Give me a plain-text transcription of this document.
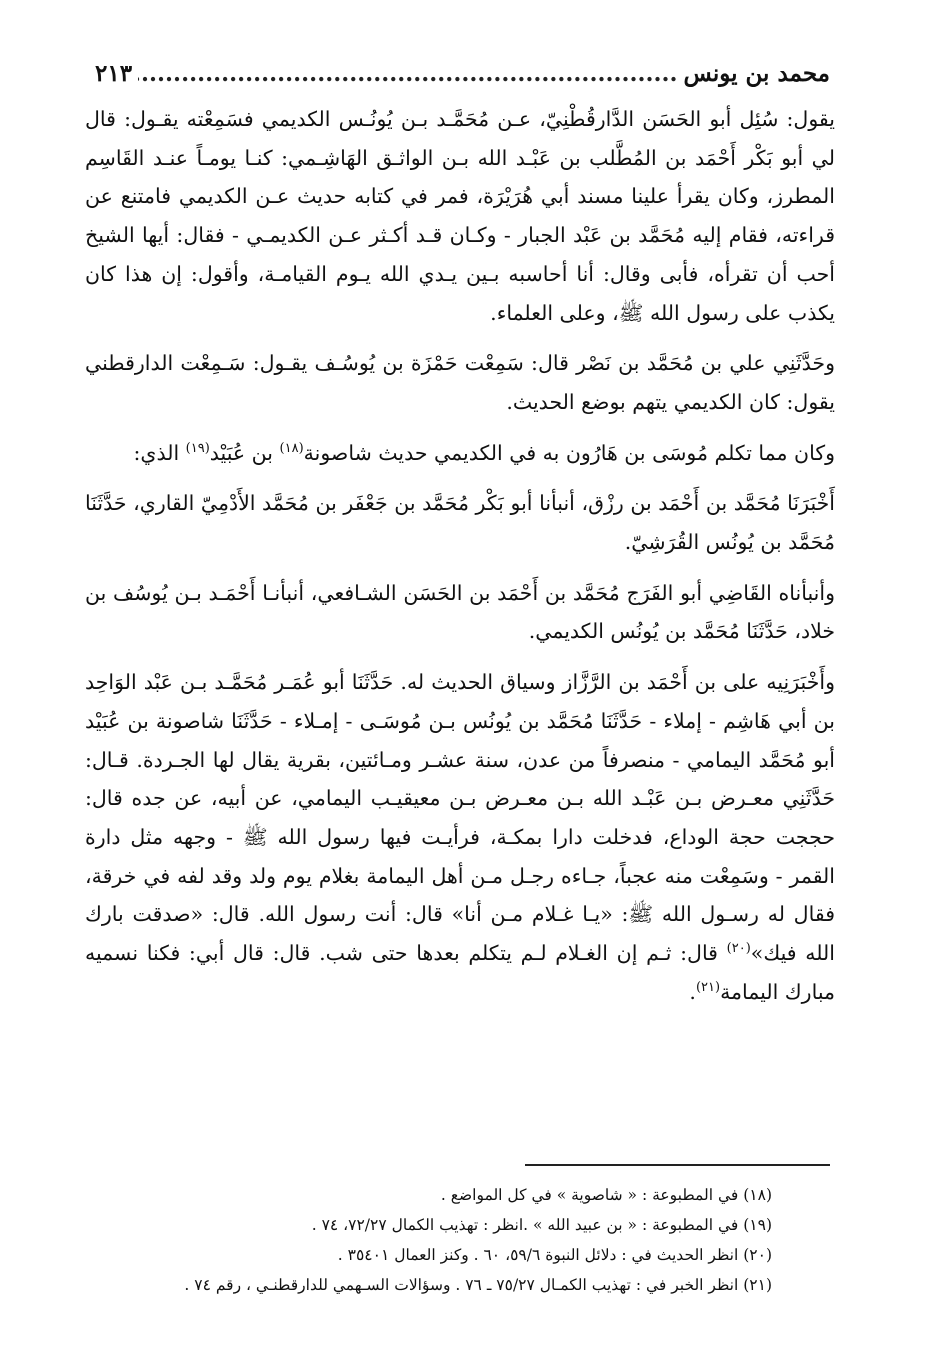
محمد بن يونس
.....
٢١٣

يقول: سُئِل أبو الحَسَن الدَّارقُطْنِيّ، عـن مُحَمَّـد بـن يُونُـس الكديمي فسَمِعْته يقـول: قال لي أبو بَكْر أَحْمَد بن المُطَّلب بن عَبْـد الله بـن الواثـق الهَاشِـمي: كنـا يومـاً عنـد القَاسِم المطرز، وكان يقرأ علينا مسند أبي هُرَيْرَة، فمر في كتابه حديث عـن الكديمي فامتنع عن قراءته، فقام إليه مُحَمَّد بن عَبْد الجبار - وكـان قـد أكـثر عـن الكديمـي - فقال: أيها الشيخ أحب أن تقرأه، فأبى وقال: أنا أحاسبه بـين يـدي الله يـوم القيامـة، وأقول: إن هذا كان يكذب على رسول الله ﷺ، وعلى العلماء.

وحَدَّثَنِي علي بن مُحَمَّد بن نَصْر قال: سَمِعْت حَمْزَة بن يُوسُـف يقـول: سَـمِعْت الدارقطني يقول: كان الكديمي يتهم بوضع الحديث.

وكان مما تكلم مُوسَى بن هَارُون به في الكديمي حديث شاصونة$^{(١٨)}$ بن عُبَيْد$^{(١٩)}$ الذي:

أَخْبَرَنَا مُحَمَّد بن أَحْمَد بن رزْق، أنبأنا أبو بَكْر مُحَمَّد بن جَعْفَر بن مُحَمَّد الأَدْمِيّ القاري، حَدَّثَنَا مُحَمَّد بن يُونُس القُرَشِيّ.

وأنبأناه القَاضِي أبو الفَرَج مُحَمَّد بن أَحْمَد بن الحَسَن الشـافعي، أنبأنـا أَحْمَـد بـن يُوسُف بن خلاد، حَدَّثَنَا مُحَمَّد بن يُونُس الكديمي.

وأَخْبَرَنِيه على بن أَحْمَد بن الرَّزَّاز وسياق الحديث له. حَدَّثَنَا أبو عُمَـر مُحَمَّـد بـن عَبْد الوَاحِد بن أبي هَاشِم - إملاء - حَدَّثَنَا مُحَمَّد بن يُونُس بـن مُوسَـى - إمـلاء - حَدَّثَنَا شاصونة بن عُبَيْد أبو مُحَمَّد اليمامي - منصرفاً من عدن، سنة عشـر ومـائتين، بقرية يقال لها الجـردة. قـال: حَدَّثَنِي معـرض بـن عَبْـد الله بـن معـرض بـن معيقيـب اليمامي، عن أبيه، عن جده قال: حججت حجة الوداع، فدخلت دارا بمكـة، فرأيـت فيها رسول الله ﷺ - وجهه مثل دارة القمر - وسَمِعْت منه عجباً، جـاءه رجـل مـن أهل اليمامة بغلام يوم ولد وقد لفه في خرقة، فقال له رسـول الله ﷺ: «يـا غـلام مـن أنا» قال: أنت رسول الله. قال: «صدقت بارك الله فيك»$^{(٢٠)}$ قال: ثـم إن الغـلام لـم يتكلم بعدها حتى شب. قال: قال أبي: فكنا نسميه مبارك اليمامة$^{(٢١)}$.

(١٨) في المطبوعة : « شاصوية » في كل المواضع .
(١٩) في المطبوعة : « بن عبيد الله » .انظر : تهذيب الكمال ٧٢/٢٧، ٧٤ .
(٢٠) انظر الحديث في : دلائل النبوة ٥٩/٦، ٦٠ . وكنز العمال ٣٥٤٠١ .
(٢١) انظر الخبر في : تهذيب الكمـال ٧٥/٢٧ ـ ٧٦ . وسؤالات السـهمي للدارقطنـي ، رقم ٧٤ .
